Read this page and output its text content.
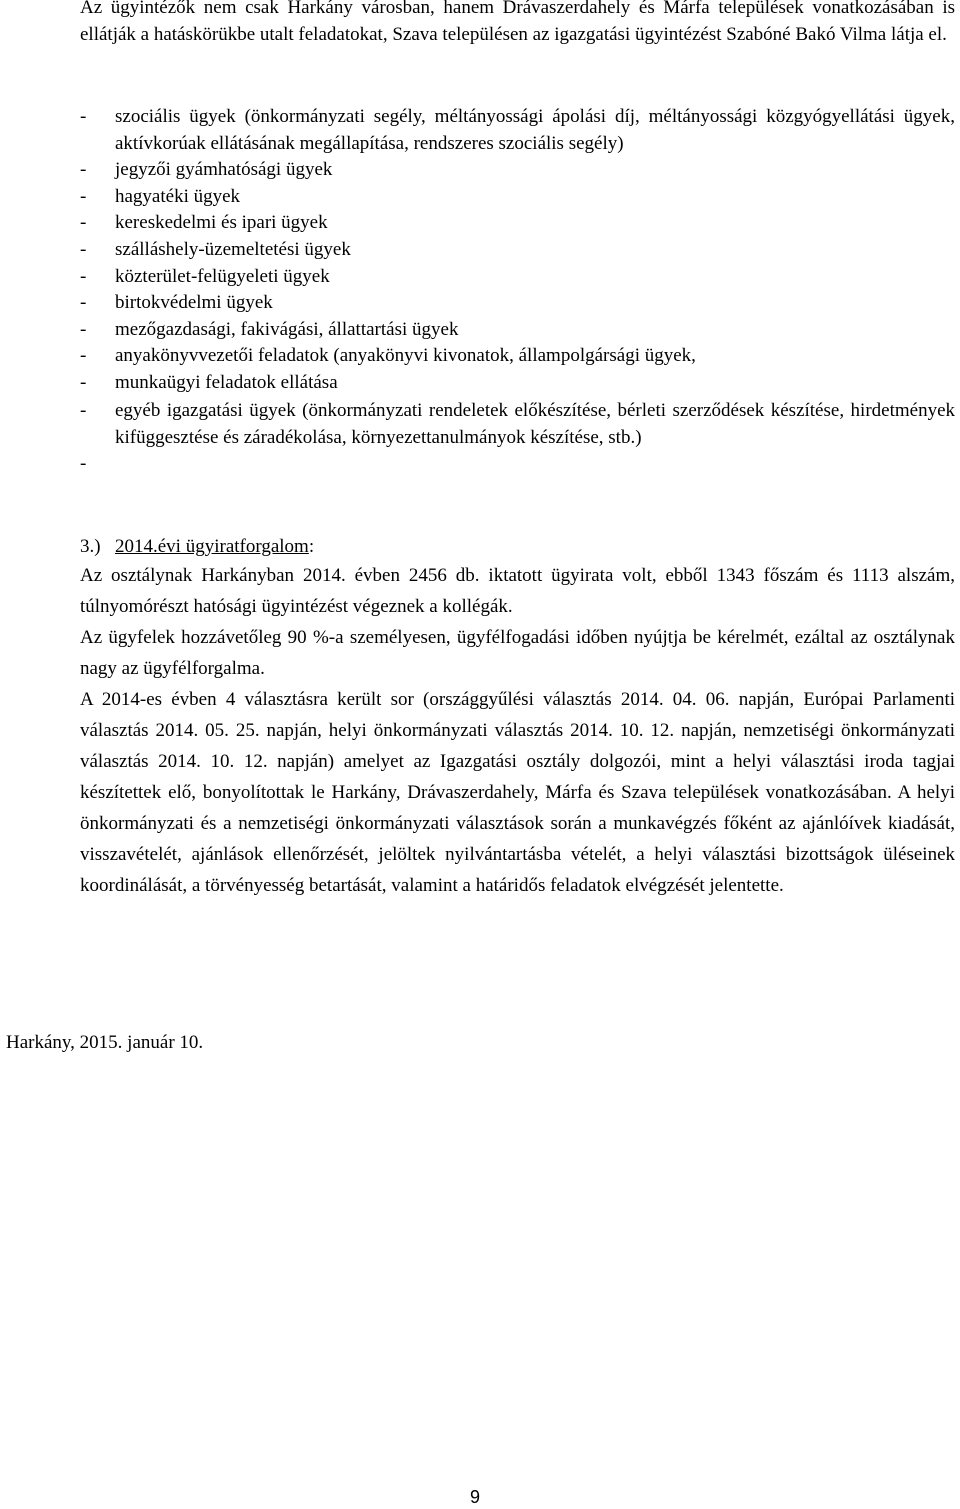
Az ügyintézők nem csak Harkány városban, hanem Drávaszerdahely és Márfa települések vonatkozásában is ellátják a hatáskörükbe utalt feladatokat, Szava településen az igazgatási ügyintézést Szabóné Bakó Vilma látja el.

- szociális ügyek (önkormányzati segély, méltányossági ápolási díj, méltányossági közgyógyellátási ügyek, aktívkorúak ellátásának megállapítása, rendszeres szociális segély)
- jegyzői gyámhatósági ügyek
- hagyatéki ügyek
- kereskedelmi és ipari ügyek
- szálláshely-üzemeltetési ügyek
- közterület-felügyeleti ügyek
- birtokvédelmi ügyek
- mezőgazdasági, fakivágási, állattartási ügyek
- anyakönyvvezetői feladatok (anyakönyvi kivonatok, állampolgársági ügyek,
- munkaügyi feladatok ellátása
- egyéb igazgatási ügyek (önkormányzati rendeletek előkészítése, bérleti szerződések készítése, hirdetmények kifüggesztése és záradékolása, környezettanulmányok készítése, stb.)
-

3.) 2014.évi ügyiratforgalom:

Az osztálynak Harkányban 2014. évben 2456 db. iktatott ügyirata volt, ebből 1343 főszám és 1113 alszám, túlnyomórészt hatósági ügyintézést végeznek a kollégák.

Az ügyfelek hozzávetőleg 90 %-a személyesen, ügyfélfogadási időben nyújtja be kérelmét, ezáltal az osztálynak nagy az ügyfélforgalma.

A 2014-es évben 4 választásra került sor (országgyűlési választás 2014. 04. 06. napján, Európai Parlamenti választás 2014. 05. 25. napján, helyi önkormányzati választás 2014. 10. 12. napján, nemzetiségi önkormányzati választás 2014. 10. 12. napján) amelyet az Igazgatási osztály dolgozói, mint a helyi választási iroda tagjai készítettek elő, bonyolítottak le Harkány, Drávaszerdahely, Márfa és Szava települések vonatkozásában. A helyi önkormányzati és a nemzetiségi önkormányzati választások során a munkavégzés főként az ajánlóívek kiadását, visszavételét, ajánlások ellenőrzését, jelöltek nyilvántartásba vételét, a helyi választási bizottságok üléseinek koordinálását, a törvényesség betartását, valamint a határidős feladatok elvégzését jelentette.

Harkány, 2015. január 10.

9
